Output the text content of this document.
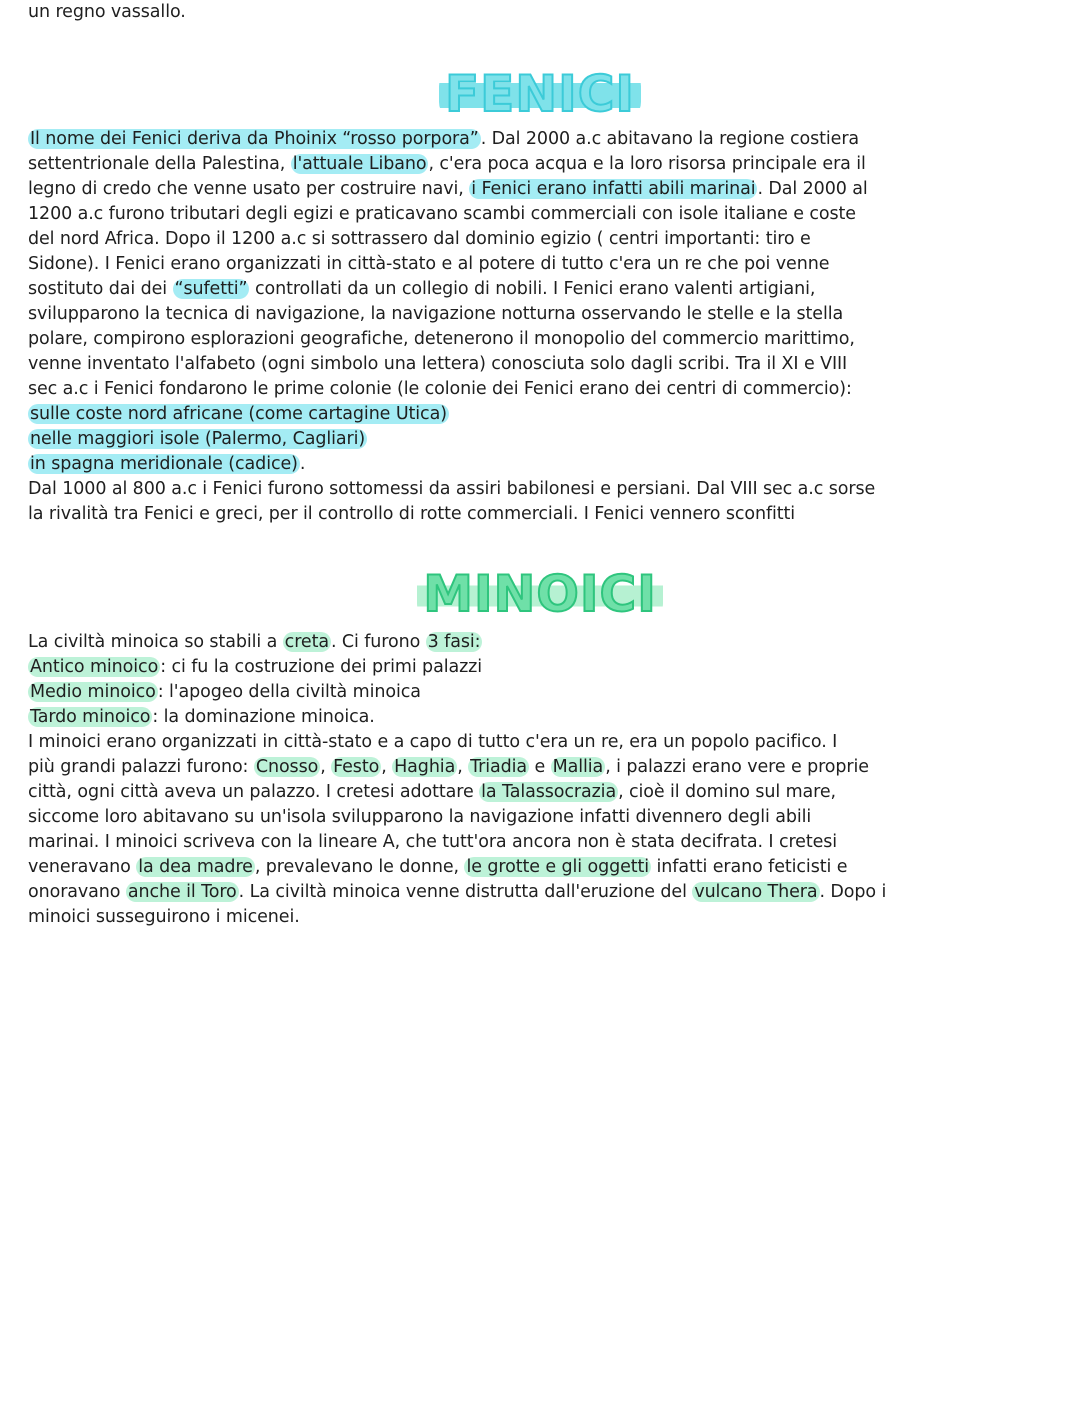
un regno vassallo.
FENICI
Il nome dei Fenici deriva da Phoinix “rosso porpora” . Dal 2000 a.c abitavano la regione costiera
settentrionale della Palestina, l'attuale Libano , c'era poca acqua e la loro risorsa principale era il
legno di credo che venne usato per costruire navi, i Fenici erano infatti abili marinai . Dal 2000 al
1200 a.c furono tributari degli egizi e praticavano scambi commerciali con isole italiane e coste
del nord Africa. Dopo il 1200 a.c si sottrassero dal dominio egizio ( centri importanti: tiro e
Sidone). I Fenici erano organizzati in città-stato e al potere di tutto c'era un re che poi venne
sostituto dai dei “sufetti” controllati da un collegio di nobili. I Fenici erano valenti artigiani,
svilupparono la tecnica di navigazione, la navigazione notturna osservando le stelle e la stella
polare, compirono esplorazioni geografiche, detenerono il monopolio del commercio marittimo,
venne inventato l'alfabeto (ogni simbolo una lettera) conosciuta solo dagli scribi. Tra il XI e VIII
sec a.c i Fenici fondarono le prime colonie (le colonie dei Fenici erano dei centri di commercio):
sulle coste nord africane (come cartagine Utica)
nelle maggiori isole (Palermo, Cagliari)
in spagna meridionale (cadice) .
Dal 1000 al 800 a.c i Fenici furono sottomessi da assiri babilonesi e persiani. Dal VIII sec a.c sorse
la rivalità tra Fenici e greci, per il controllo di rotte commerciali. I Fenici vennero sconfitti
MINOICI
La civiltà minoica so stabili a creta . Ci furono 3 fasi:
Antico minoico : ci fu la costruzione dei primi palazzi
Medio minoico : l'apogeo della civiltà minoica
Tardo minoico : la dominazione minoica.
I minoici erano organizzati in città-stato e a capo di tutto c'era un re, era un popolo pacifico. I
più grandi palazzi furono: Cnosso , Festo , Haghia , Triadia e Mallia , i palazzi erano vere e proprie
città, ogni città aveva un palazzo. I cretesi adottare la Talassocrazia , cioè il domino sul mare,
siccome loro abitavano su un'isola svilupparono la navigazione infatti divennero degli abili
marinai. I minoici scriveva con la lineare A, che tutt'ora ancora non è stata decifrata. I cretesi
veneravano la dea madre , prevalevano le donne, le grotte e gli oggetti infatti erano feticisti e
onoravano anche il Toro . La civiltà minoica venne distrutta dall'eruzione del vulcano Thera . Dopo i
minoici susseguirono i micenei.
